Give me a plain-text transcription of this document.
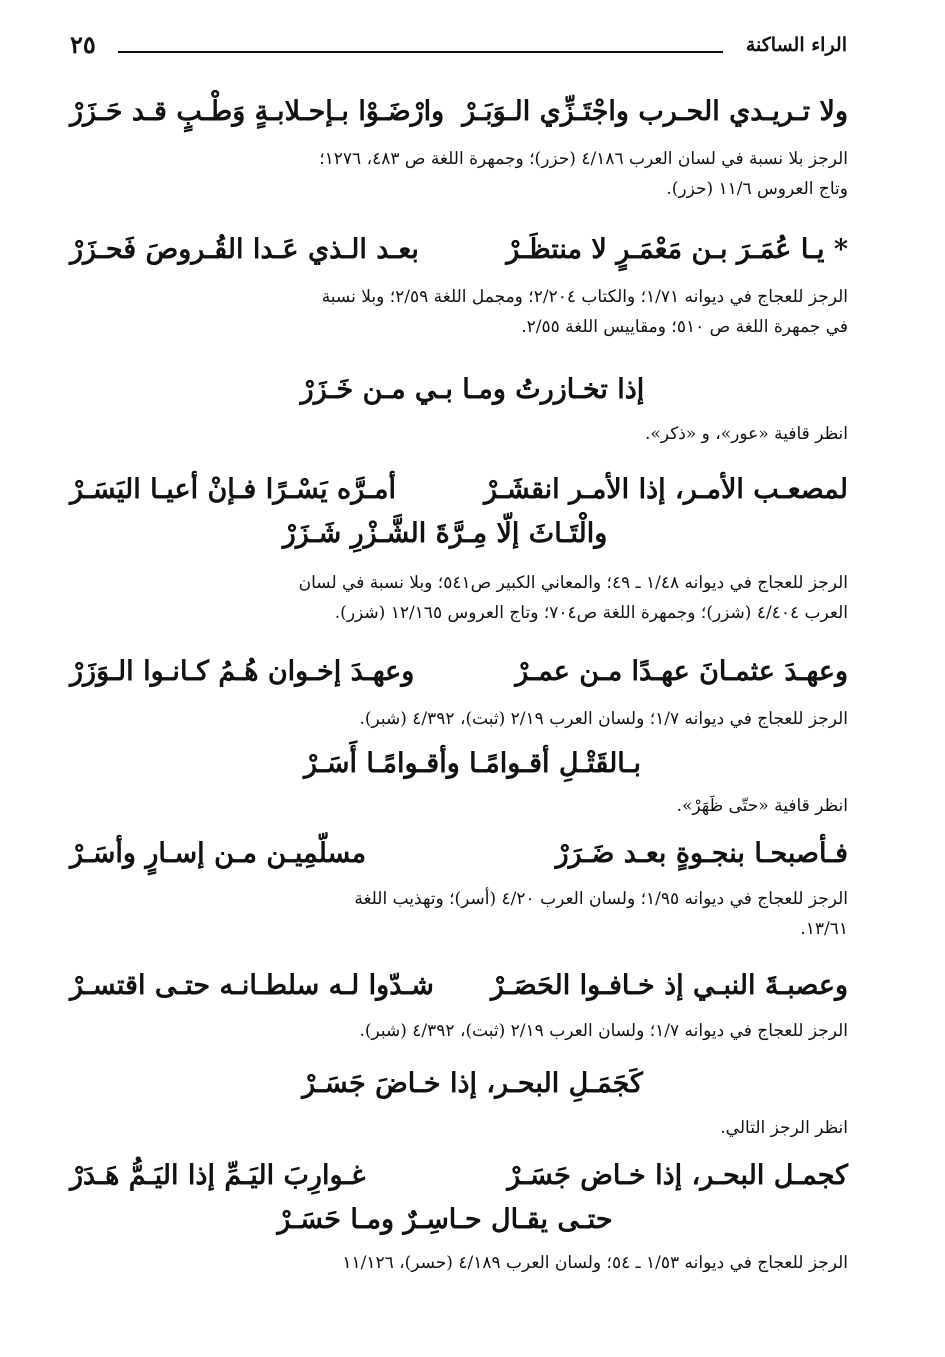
الراء الساكنة
٢٥
ولا تـريـدي الحـرب واجْتَـزِّي الـوَبَـرْ
وارْضَـوْا بـإحـلابـةٍ وَطْـبٍ قـد حَـزَرْ
الرجز بلا نسبة في لسان العرب ٤/١٨٦ (حزر)؛ وجمهرة اللغة ص ٤٨٣، ١٢٧٦؛
وتاج العروس ١١/٦ (حزر).
* يـا عُمَـرَ بـن مَعْمَـرٍ لا منتظَـرْ
بعـد الـذي عَـدا القُـروصَ فَحـزَرْ
الرجز للعجاج في ديوانه ١/٧١؛ والكتاب ٢/٢٠٤؛ ومجمل اللغة ٢/٥٩؛ وبلا نسبة
في جمهرة اللغة ص ٥١٠؛ ومقاييس اللغة ٢/٥٥.
إذا تخـازرتُ ومـا بـي مـن خَـزَرْ
انظر قافية «عور»، و «ذكر».
لمصعـب الأمـر، إذا الأمـر انقشَـرْ
أمـرَّه يَسْـرًا فـإنْ أعيـا اليَسَـرْ
والْتَـاثَ إلّا مِـرَّةَ الشَّـزْرِ شَـزَرْ
الرجز للعجاج في ديوانه ١/٤٨ ـ ٤٩؛ والمعاني الكبير ص٥٤١؛ وبلا نسبة في لسان
العرب ٤/٤٠٤ (شزر)؛ وجمهرة اللغة ص٧٠٤؛ وتاج العروس ١٢/١٦٥ (شزر).
وعهـدَ عثمـانَ عهـدًا مـن عمـرْ
وعهـدَ إخـوان هُـمُ كـانـوا الـوَزَرْ
الرجز للعجاج في ديوانه ١/٧؛ ولسان العرب ٢/١٩ (ثبت)، ٤/٣٩٢ (شبر).
بـالقَتْـلِ أقـوامًـا وأقـوامًـا أَسَـرْ
انظر قافية «حتّى ظَهَرْ».
فـأصبحـا بنجـوةٍ بعـد ضَـرَرْ
مسلّمِيـن مـن إسـارٍ وأسَـرْ
الرجز للعجاج في ديوانه ١/٩٥؛ ولسان العرب ٤/٢٠ (أسر)؛ وتهذيب اللغة
١٣/٦١.
وعصبـةَ النبـي إذ خـافـوا الحَصَـرْ
شـدّوا لـه سلطـانـه حتـى اقتسـرْ
الرجز للعجاج في ديوانه ١/٧؛ ولسان العرب ٢/١٩ (ثبت)، ٤/٣٩٢ (شبر).
كَجَمَـلِ البحـر، إذا خـاضَ جَسَـرْ
انظر الرجز التالي.
كجمـل البحـر، إذا خـاض جَسَـرْ
غـوارِبَ اليَـمِّ إذا اليَـمُّ هَـدَرْ
حتـى يقـال حـاسِـرٌ ومـا حَسَـرْ
الرجز للعجاج في ديوانه ١/٥٣ ـ ٥٤؛ ولسان العرب ٤/١٨٩ (حسر)، ١١/١٢٦
